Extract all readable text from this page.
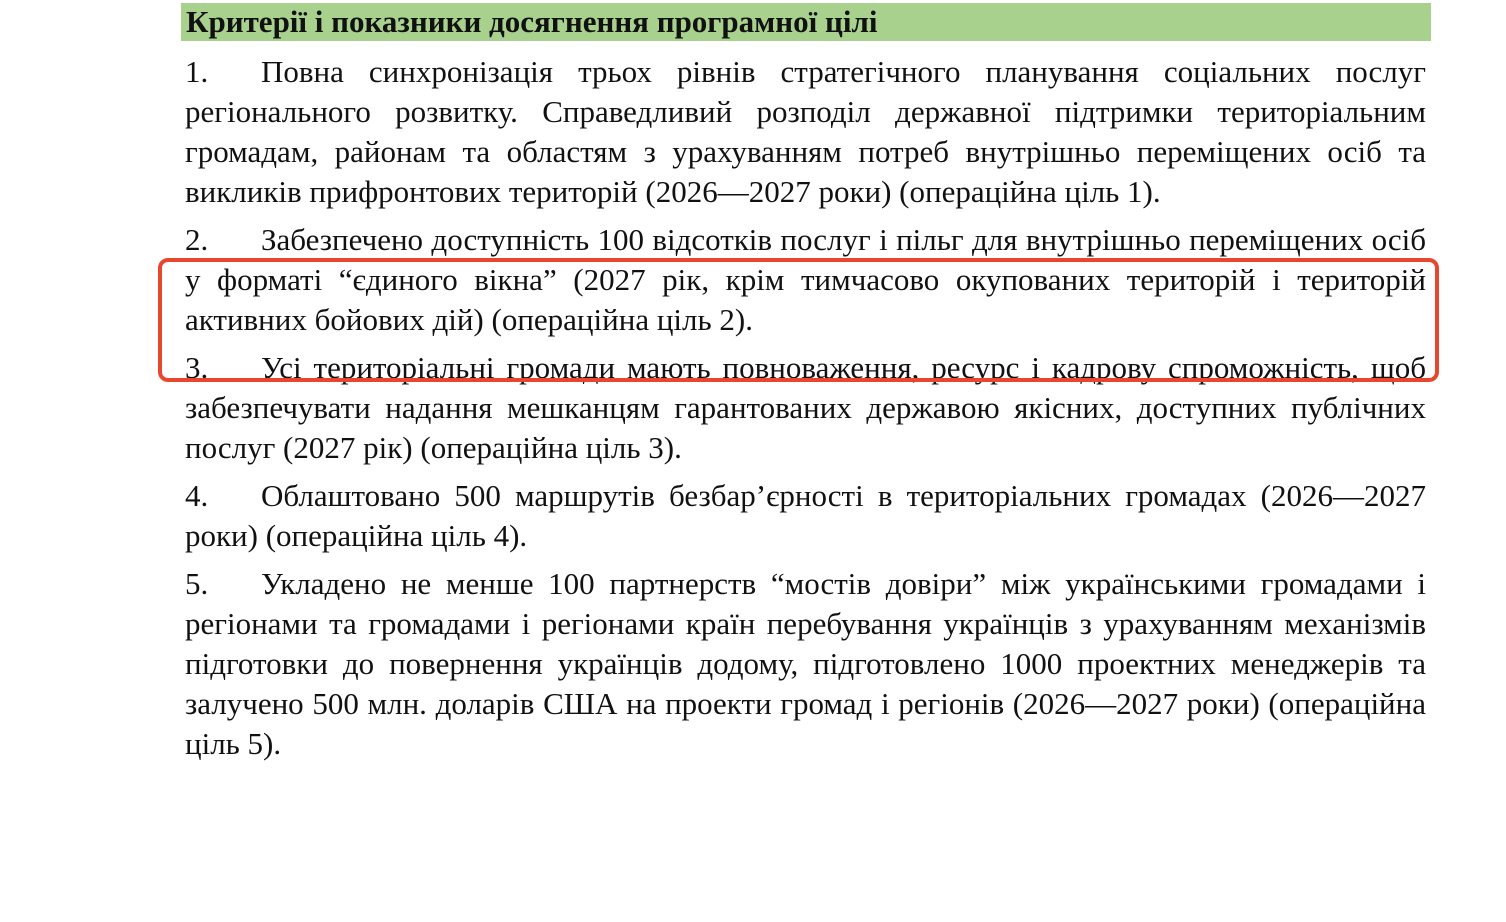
Критерії і показники досягнення програмної цілі

1. Повна синхронізація трьох рівнів стратегічного планування соціальних послуг регіонального розвитку. Справедливий розподіл державної підтримки територіальним громадам, районам та областям з урахуванням потреб внутрішньо переміщених осіб та викликів прифронтових територій (2026—2027 роки) (операційна ціль 1).

2. Забезпечено доступність 100 відсотків послуг і пільг для внутрішньо переміщених осіб у форматі “єдиного вікна” (2027 рік, крім тимчасово окупованих територій і територій активних бойових дій) (операційна ціль 2).

3. Усі територіальні громади мають повноваження, ресурс і кадрову спроможність, щоб забезпечувати надання мешканцям гарантованих державою якісних, доступних публічних послуг (2027 рік) (операційна ціль 3).

4. Облаштовано 500 маршрутів безбар’єрності в територіальних громадах (2026—2027 роки) (операційна ціль 4).

5. Укладено не менше 100 партнерств “мостів довіри” між українськими громадами і регіонами та громадами і регіонами країн перебування українців з урахуванням механізмів підготовки до повернення українців додому, підготовлено 1000 проектних менеджерів та залучено 500 млн. доларів США на проекти громад і регіонів (2026—2027 роки) (операційна ціль 5).
